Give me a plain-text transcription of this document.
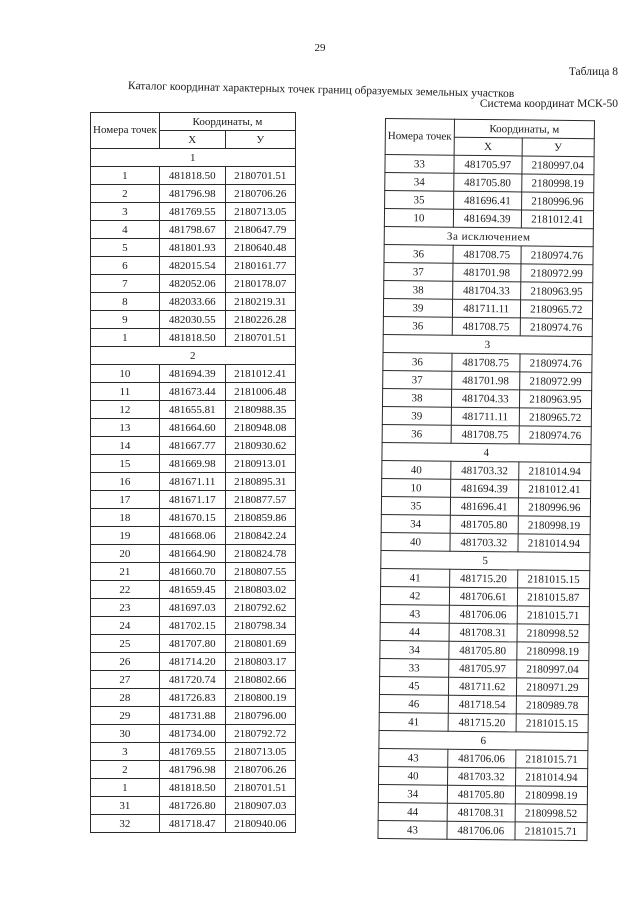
29
Таблица 8
Каталог координат характерных точек границ образуемых земельных участков
Система координат МСК-50
Номера точек	Координаты, м	
	X	У
1		
1	481818.50	2180701.51
2	481796.98	2180706.26
3	481769.55	2180713.05
4	481798.67	2180647.79
5	481801.93	2180640.48
6	482015.54	2180161.77
7	482052.06	2180178.07
8	482033.66	2180219.31
9	482030.55	2180226.28
1	481818.50	2180701.51
2		
10	481694.39	2181012.41
11	481673.44	2181006.48
12	481655.81	2180988.35
13	481664.60	2180948.08
14	481667.77	2180930.62
15	481669.98	2180913.01
16	481671.11	2180895.31
17	481671.17	2180877.57
18	481670.15	2180859.86
19	481668.06	2180842.24
20	481664.90	2180824.78
21	481660.70	2180807.55
22	481659.45	2180803.02
23	481697.03	2180792.62
24	481702.15	2180798.34
25	481707.80	2180801.69
26	481714.20	2180803.17
27	481720.74	2180802.66
28	481726.83	2180800.19
29	481731.88	2180796.00
30	481734.00	2180792.72
3	481769.55	2180713.05
2	481796.98	2180706.26
1	481818.50	2180701.51
31	481726.80	2180907.03
32	481718.47	2180940.06
Номера точек	Координаты, м	
	X	У
33	481705.97	2180997.04
34	481705.80	2180998.19
35	481696.41	2180996.96
10	481694.39	2181012.41
За исключением		
36	481708.75	2180974.76
37	481701.98	2180972.99
38	481704.33	2180963.95
39	481711.11	2180965.72
36	481708.75	2180974.76
3		
36	481708.75	2180974.76
37	481701.98	2180972.99
38	481704.33	2180963.95
39	481711.11	2180965.72
36	481708.75	2180974.76
4		
40	481703.32	2181014.94
10	481694.39	2181012.41
35	481696.41	2180996.96
34	481705.80	2180998.19
40	481703.32	2181014.94
5		
41	481715.20	2181015.15
42	481706.61	2181015.87
43	481706.06	2181015.71
44	481708.31	2180998.52
34	481705.80	2180998.19
33	481705.97	2180997.04
45	481711.62	2180971.29
46	481718.54	2180989.78
41	481715.20	2181015.15
6		
43	481706.06	2181015.71
40	481703.32	2181014.94
34	481705.80	2180998.19
44	481708.31	2180998.52
43	481706.06	2181015.71
